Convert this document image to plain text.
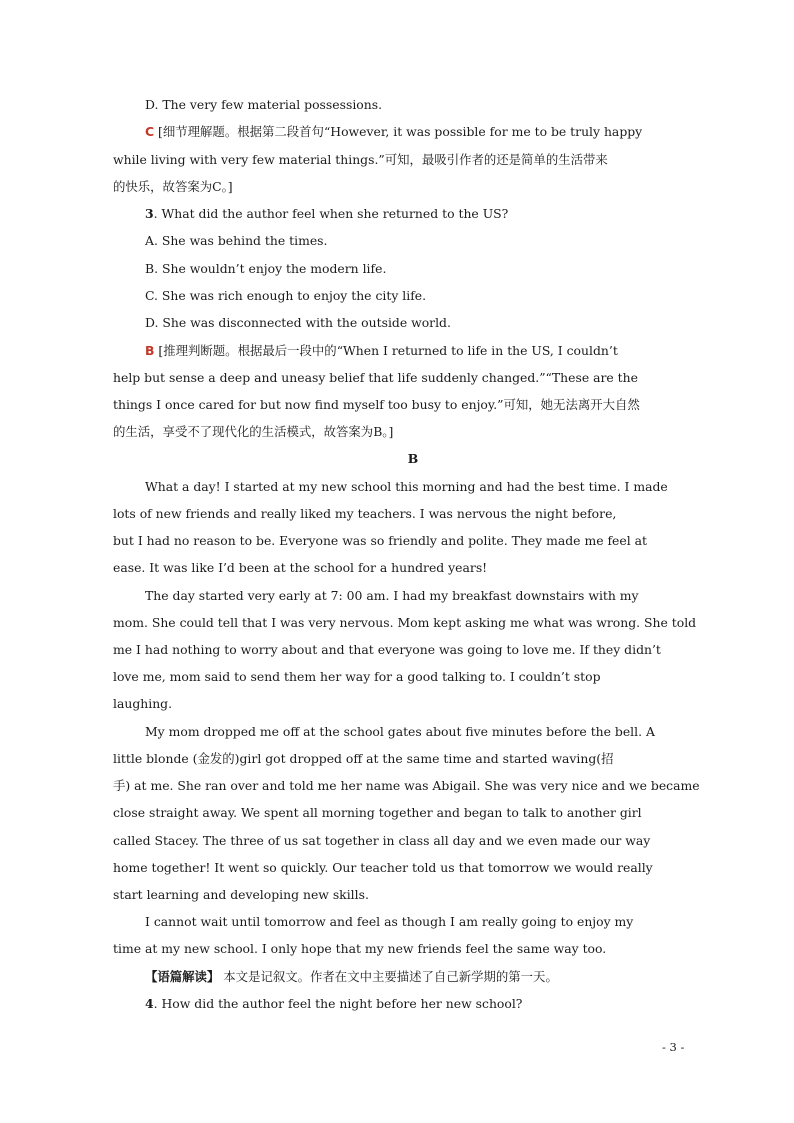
D. The very few material possessions.
C [细节理解题。根据第二段首句“However, it was possible for me to be truly happy
while living with very few material things.”可知，最吸引作者的还是简单的生活带来
的快乐，故答案为C。]
3. What did the author feel when she returned to the US?
A. She was behind the times.
B. She wouldn’t enjoy the modern life.
C. She was rich enough to enjoy the city life.
D. She was disconnected with the outside world.
B [推理判断题。根据最后一段中的“When I returned to life in the US, I couldn’t
help but sense a deep and uneasy belief that life suddenly changed.”“These are the
things I once cared for but now find myself too busy to enjoy.”可知，她无法离开大自然
的生活，享受不了现代化的生活模式，故答案为B。]
B
What a day! I started at my new school this morning and had the best time. I made
lots of new friends and really liked my teachers. I was nervous the night before,
but I had no reason to be. Everyone was so friendly and polite. They made me feel at
ease. It was like I’d been at the school for a hundred years!
The day started very early at 7: 00 am. I had my breakfast downstairs with my
mom. She could tell that I was very nervous. Mom kept asking me what was wrong. She told
me I had nothing to worry about and that everyone was going to love me. If they didn’t
love me, mom said to send them her way for a good talking to. I couldn’t stop
laughing.
My mom dropped me off at the school gates about five minutes before the bell. A
little blonde (金发的)girl got dropped off at the same time and started waving(招
手) at me. She ran over and told me her name was Abigail. She was very nice and we became
close straight away. We spent all morning together and began to talk to another girl
called Stacey. The three of us sat together in class all day and we even made our way
home together! It went so quickly. Our teacher told us that tomorrow we would really
start learning and developing new skills.
I cannot wait until tomorrow and feel as though I am really going to enjoy my
time at my new school. I only hope that my new friends feel the same way too.
【语篇解读】 本文是记叙文。作者在文中主要描述了自己新学期的第一天。
4. How did the author feel the night before her new school?
- 3 -
